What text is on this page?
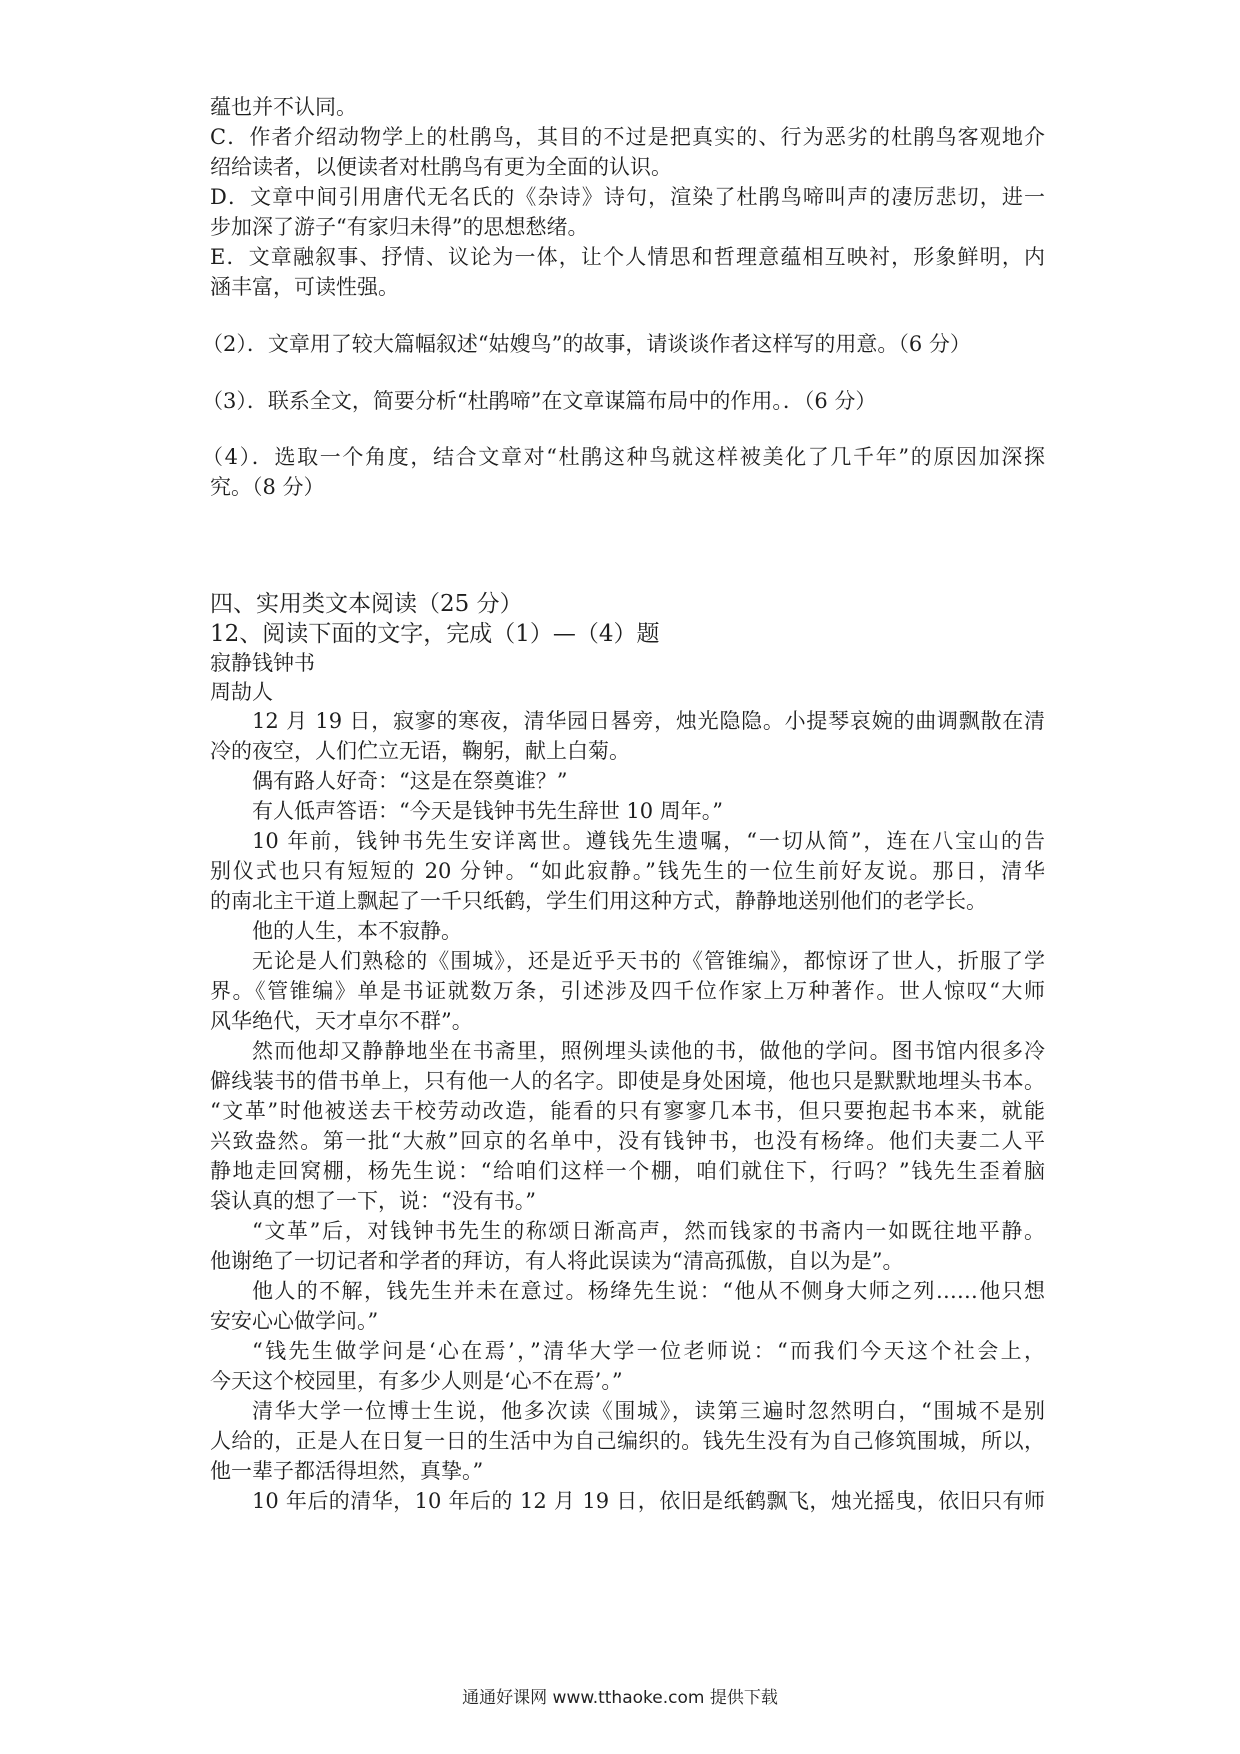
蕴也并不认同。
C．作者介绍动物学上的杜鹃鸟，其目的不过是把真实的、行为恶劣的杜鹃鸟客观地介
绍给读者，以便读者对杜鹃鸟有更为全面的认识。
D．文章中间引用唐代无名氏的《杂诗》诗句，渲染了杜鹃鸟啼叫声的凄厉悲切，进一
步加深了游子“有家归未得”的思想愁绪。
E．文章融叙事、抒情、议论为一体，让个人情思和哲理意蕴相互映衬，形象鲜明，内
涵丰富，可读性强。
（2）．文章用了较大篇幅叙述“姑嫂鸟”的故事，请谈谈作者这样写的用意。（6 分）
（3）．联系全文，简要分析“杜鹃啼”在文章谋篇布局中的作用。．（6 分）
（4）．选取一个角度，结合文章对“杜鹃这种鸟就这样被美化了几千年”的原因加深探
究。（8 分）
四、实用类文本阅读（25 分）
12、阅读下面的文字，完成（1）—（4）题
寂静钱钟书
周劼人
12 月 19 日，寂寥的寒夜，清华园日晷旁，烛光隐隐。小提琴哀婉的曲调飘散在清
冷的夜空，人们伫立无语，鞠躬，献上白菊。
偶有路人好奇：“这是在祭奠谁？”
有人低声答语：“今天是钱钟书先生辞世 10 周年。”
10 年前，钱钟书先生安详离世。遵钱先生遗嘱，“一切从简”，连在八宝山的告
别仪式也只有短短的 20 分钟。“如此寂静。”钱先生的一位生前好友说。那日，清华
的南北主干道上飘起了一千只纸鹤，学生们用这种方式，静静地送别他们的老学长。
他的人生，本不寂静。
无论是人们熟稔的《围城》，还是近乎天书的《管锥编》，都惊讶了世人，折服了学
界。《管锥编》单是书证就数万条，引述涉及四千位作家上万种著作。世人惊叹“大师
风华绝代，天才卓尔不群”。
然而他却又静静地坐在书斋里，照例埋头读他的书，做他的学问。图书馆内很多冷
僻线装书的借书单上，只有他一人的名字。即使是身处困境，他也只是默默地埋头书本。
“文革”时他被送去干校劳动改造，能看的只有寥寥几本书，但只要抱起书本来，就能
兴致盎然。第一批“大赦”回京的名单中，没有钱钟书，也没有杨绛。他们夫妻二人平
静地走回窝棚，杨先生说：“给咱们这样一个棚，咱们就住下，行吗？”钱先生歪着脑
袋认真的想了一下，说：“没有书。”
“文革”后，对钱钟书先生的称颂日渐高声，然而钱家的书斋内一如既往地平静。
他谢绝了一切记者和学者的拜访，有人将此误读为“清高孤傲，自以为是”。
他人的不解，钱先生并未在意过。杨绛先生说：“他从不侧身大师之列……他只想
安安心心做学问。”
“钱先生做学问是‘心在焉’，”清华大学一位老师说：“而我们今天这个社会上，
今天这个校园里，有多少人则是‘心不在焉’。”
清华大学一位博士生说，他多次读《围城》，读第三遍时忽然明白，“围城不是别
人给的，正是人在日复一日的生活中为自己编织的。钱先生没有为自己修筑围城，所以，
他一辈子都活得坦然，真挚。”
10 年后的清华，10 年后的 12 月 19 日，依旧是纸鹤飘飞，烛光摇曳，依旧只有师
通通好课网 www.tthaoke.com 提供下载
